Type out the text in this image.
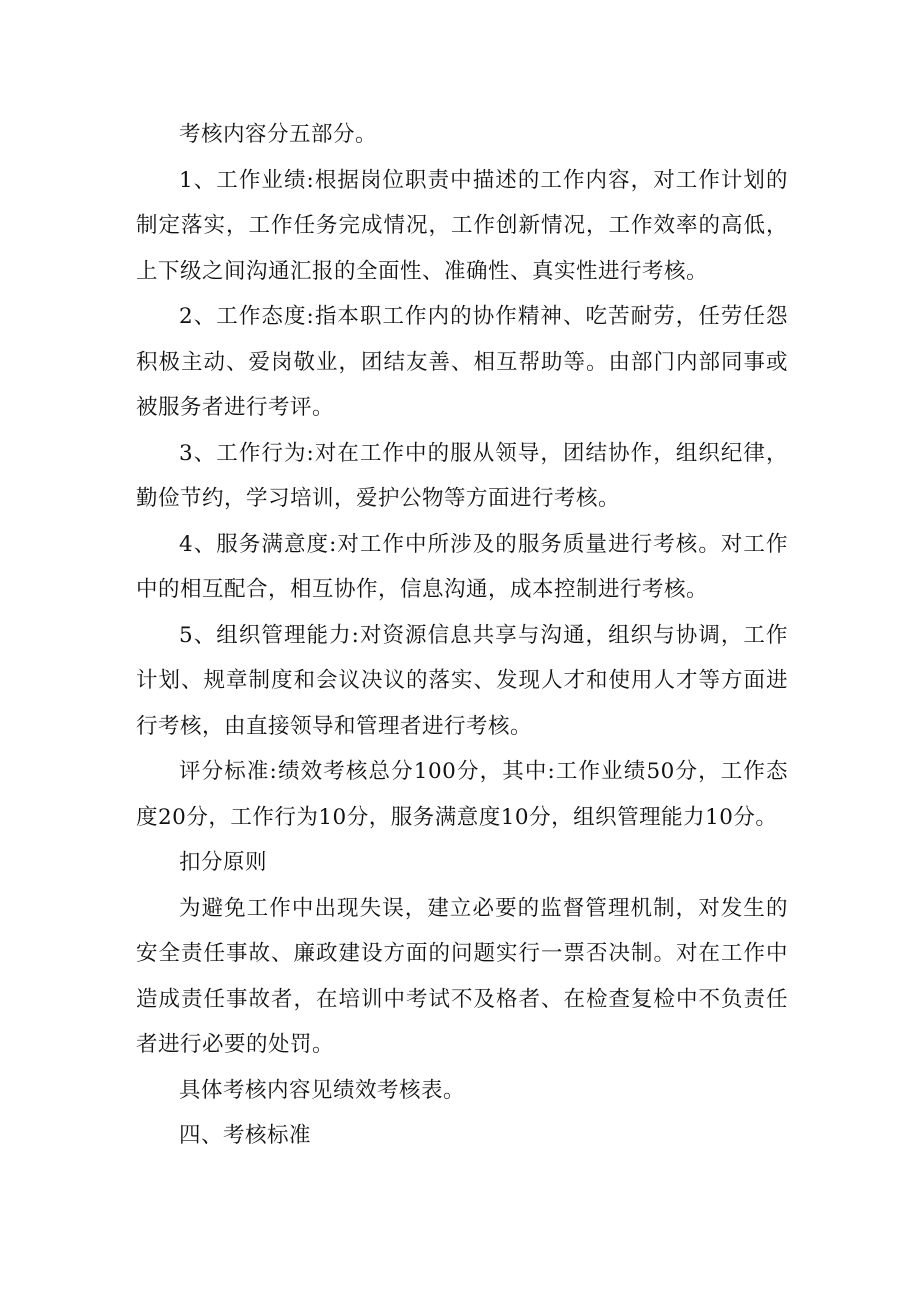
考核内容分五部分。

1、工作业绩:根据岗位职责中描述的工作内容，对工作计划的制定落实，工作任务完成情况，工作创新情况，工作效率的高低，上下级之间沟通汇报的全面性、准确性、真实性进行考核。

2、工作态度:指本职工作内的协作精神、吃苦耐劳，任劳任怨积极主动、爱岗敬业，团结友善、相互帮助等。由部门内部同事或被服务者进行考评。

3、工作行为:对在工作中的服从领导，团结协作，组织纪律，勤俭节约，学习培训，爱护公物等方面进行考核。

4、服务满意度:对工作中所涉及的服务质量进行考核。对工作中的相互配合，相互协作，信息沟通，成本控制进行考核。

5、组织管理能力:对资源信息共享与沟通，组织与协调，工作计划、规章制度和会议决议的落实、发现人才和使用人才等方面进行考核，由直接领导和管理者进行考核。

评分标准:绩效考核总分100分，其中:工作业绩50分，工作态度20分，工作行为10分，服务满意度10分，组织管理能力10分。

扣分原则

为避免工作中出现失误，建立必要的监督管理机制，对发生的安全责任事故、廉政建设方面的问题实行一票否决制。对在工作中造成责任事故者，在培训中考试不及格者、在检查复检中不负责任者进行必要的处罚。

具体考核内容见绩效考核表。

四、考核标准
